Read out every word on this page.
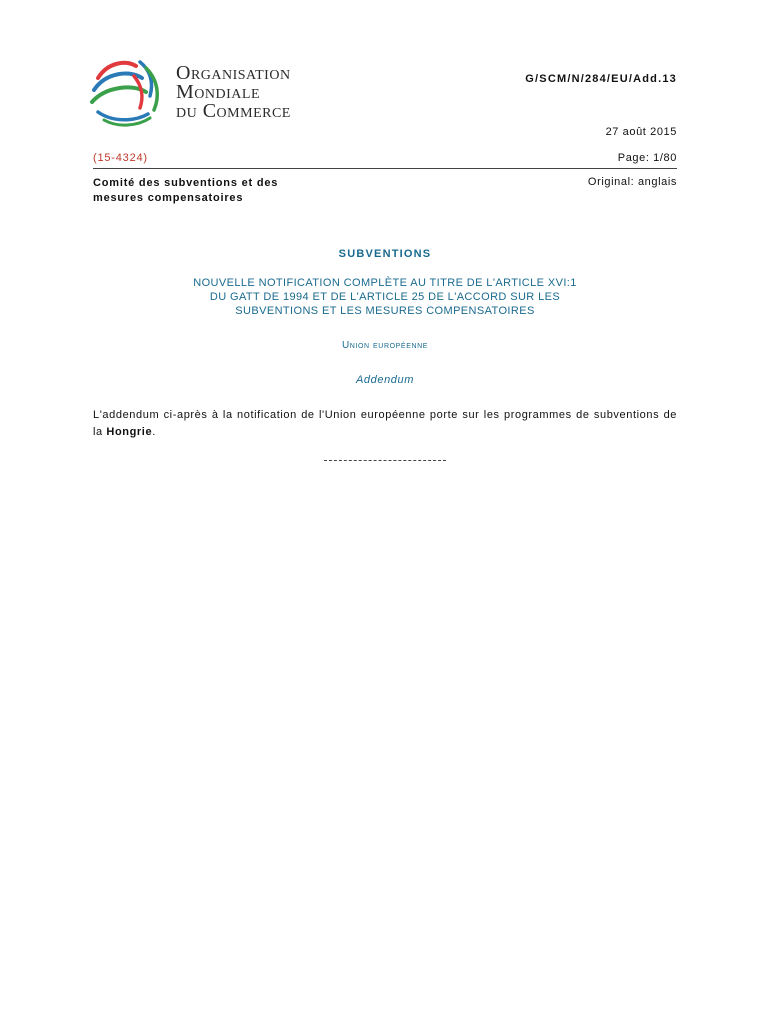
Organisation
Mondiale
du Commerce
G/SCM/N/284/EU/Add.13
27 août 2015
(15-4324)	Page: 1/80
Comité des subventions et des
mesures compensatoires
Original: anglais
SUBVENTIONS
NOUVELLE NOTIFICATION COMPLÈTE AU TITRE DE L'ARTICLE XVI:1
DU GATT DE 1994 ET DE L'ARTICLE 25 DE L'ACCORD SUR LES
SUBVENTIONS ET LES MESURES COMPENSATOIRES
Union européenne
Addendum
L'addendum ci-après à la notification de l'Union européenne porte sur les programmes de subventions de la Hongrie.
